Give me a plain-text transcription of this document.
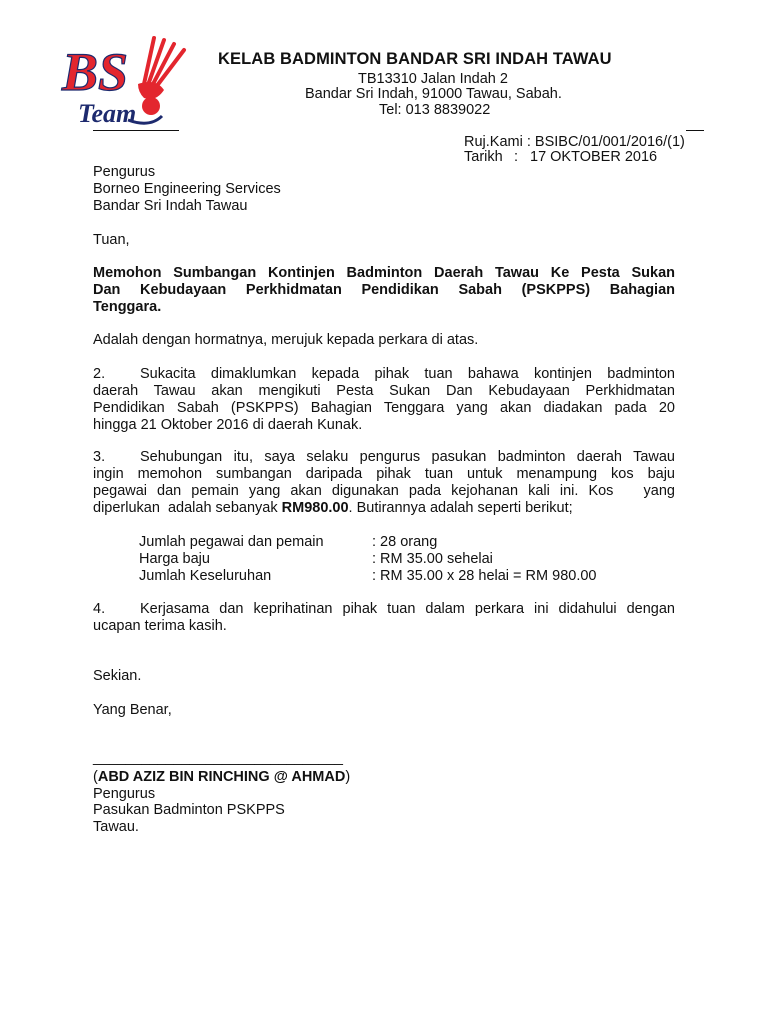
BS
Team
KELAB BADMINTON BANDAR SRI INDAH TAWAU
TB13310 Jalan Indah 2
Bandar Sri Indah, 91000 Tawau, Sabah.
Tel: 013 8839022
Ruj.Kami : BSIBC/01/001/2016/(1)
Tarikh : 17 OKTOBER 2016
Pengurus
Borneo Engineering Services
Bandar Sri Indah Tawau
Tuan,
Memohon Sumbangan Kontinjen Badminton Daerah Tawau Ke Pesta Sukan
Dan Kebudayaan Perkhidmatan Pendidikan Sabah (PSKPPS) Bahagian
Tenggara.
Adalah dengan hormatnya, merujuk kepada perkara di atas.
2. Sukacita dimaklumkan kepada pihak tuan bahawa kontinjen badminton
daerah Tawau akan mengikuti Pesta Sukan Dan Kebudayaan Perkhidmatan
Pendidikan Sabah (PSKPPS) Bahagian Tenggara yang akan diadakan pada 20
hingga 21 Oktober 2016 di daerah Kunak.
3. Sehubungan itu, saya selaku pengurus pasukan badminton daerah Tawau
ingin memohon sumbangan daripada pihak tuan untuk menampung kos baju
pegawai dan pemain yang akan digunakan pada kejohanan kali ini. Kos   yang
diperlukan  adalah sebanyak RM980.00. Butirannya adalah seperti berikut;
Jumlah pegawai dan pemain	: 28 orang
Harga baju	: RM 35.00 sehelai
Jumlah Keseluruhan	: RM 35.00 x 28 helai = RM 980.00
4. Kerjasama dan keprihatinan pihak tuan dalam perkara ini didahului dengan
ucapan terima kasih.
Sekian.
Yang Benar,
_______________________________
(ABD AZIZ BIN RINCHING @ AHMAD)
Pengurus
Pasukan Badminton PSKPPS
Tawau.
